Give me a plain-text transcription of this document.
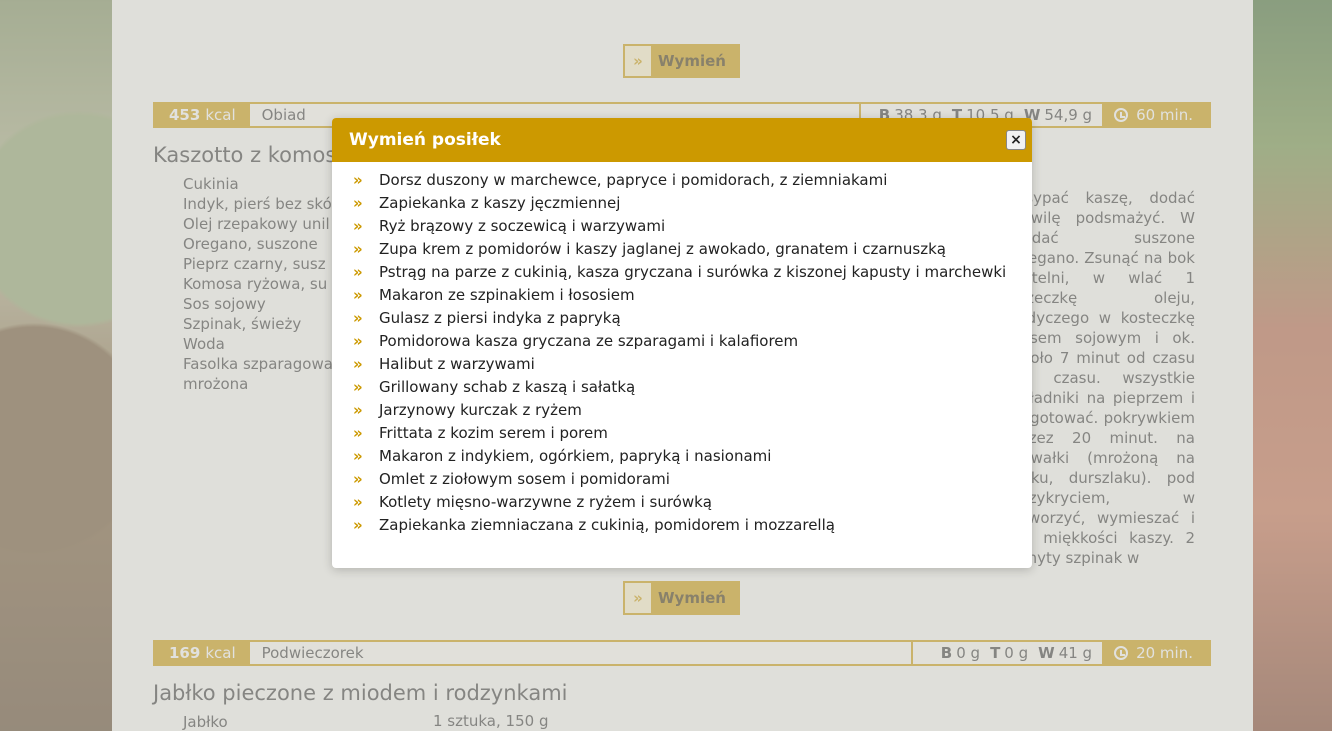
Wymień posiłek	×
» Dorsz duszony w marchewce, papryce i pomidorach, z ziemniakami
» Zapiekanka z kaszy jęczmiennej
» Ryż brązowy z soczewicą i warzywami
» Zupa krem z pomidorów i kaszy jaglanej z awokado, granatem i czarnuszką
» Pstrąg na parze z cukinią, kasza gryczana i surówka z kiszonej kapusty i marchewki
» Makaron ze szpinakiem i łososiem
» Gulasz z piersi indyka z papryką
» Pomidorowa kasza gryczana ze szparagami i kalafiorem
» Halibut z warzywami
» Grillowany schab z kaszą i sałatką
» Jarzynowy kurczak z ryżem
» Frittata z kozim serem i porem
» Makaron z indykiem, ogórkiem, papryką i nasionami
» Omlet z ziołowym sosem i pomidorami
» Kotlety mięsno-warzywne z ryżem i surówką
» Zapiekanka ziemniaczana z cukinią, pomidorem i mozzarellą
